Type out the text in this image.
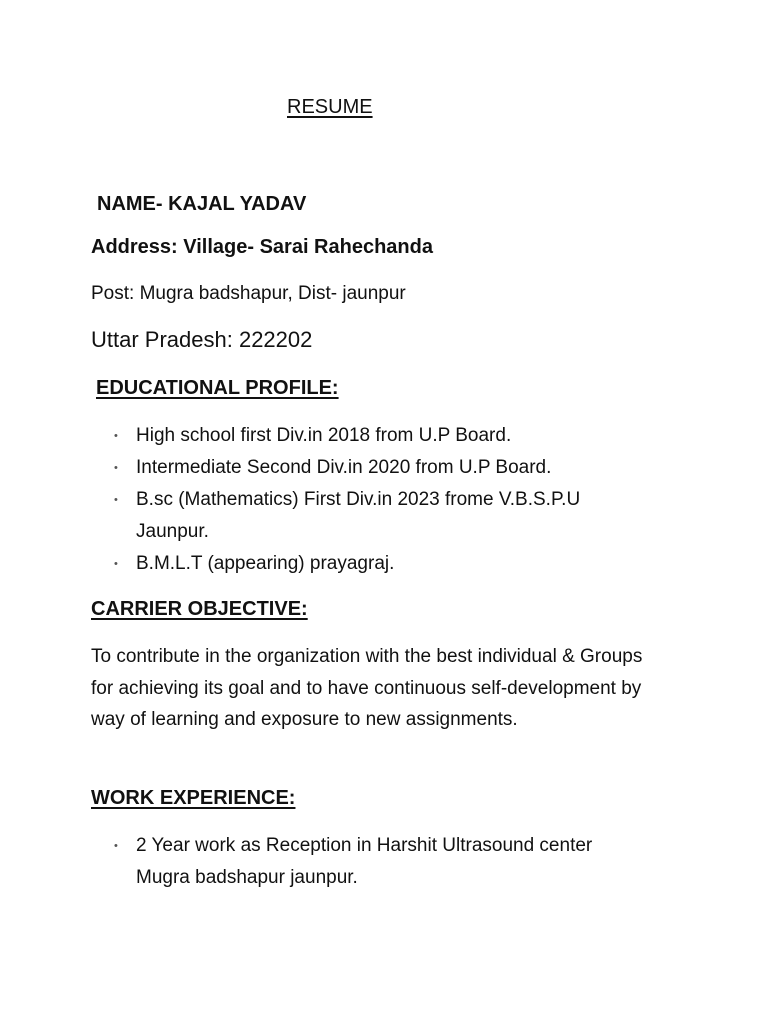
RESUME
NAME- KAJAL YADAV
Address: Village- Sarai Rahechanda
Post: Mugra badshapur, Dist- jaunpur
Uttar Pradesh: 222202
EDUCATIONAL PROFILE:
• High school first Div.in 2018 from U.P Board.
• Intermediate Second Div.in 2020 from U.P Board.
• B.sc (Mathematics) First Div.in 2023 frome V.B.S.P.U Jaunpur.
• B.M.L.T (appearing) prayagraj.
CARRIER OBJECTIVE:
To contribute in the organization with the best individual & Groups for achieving its goal and to have continuous self-development by way of learning and exposure to new assignments.
WORK EXPERIENCE:
• 2 Year work as Reception in Harshit Ultrasound center Mugra badshapur jaunpur.
